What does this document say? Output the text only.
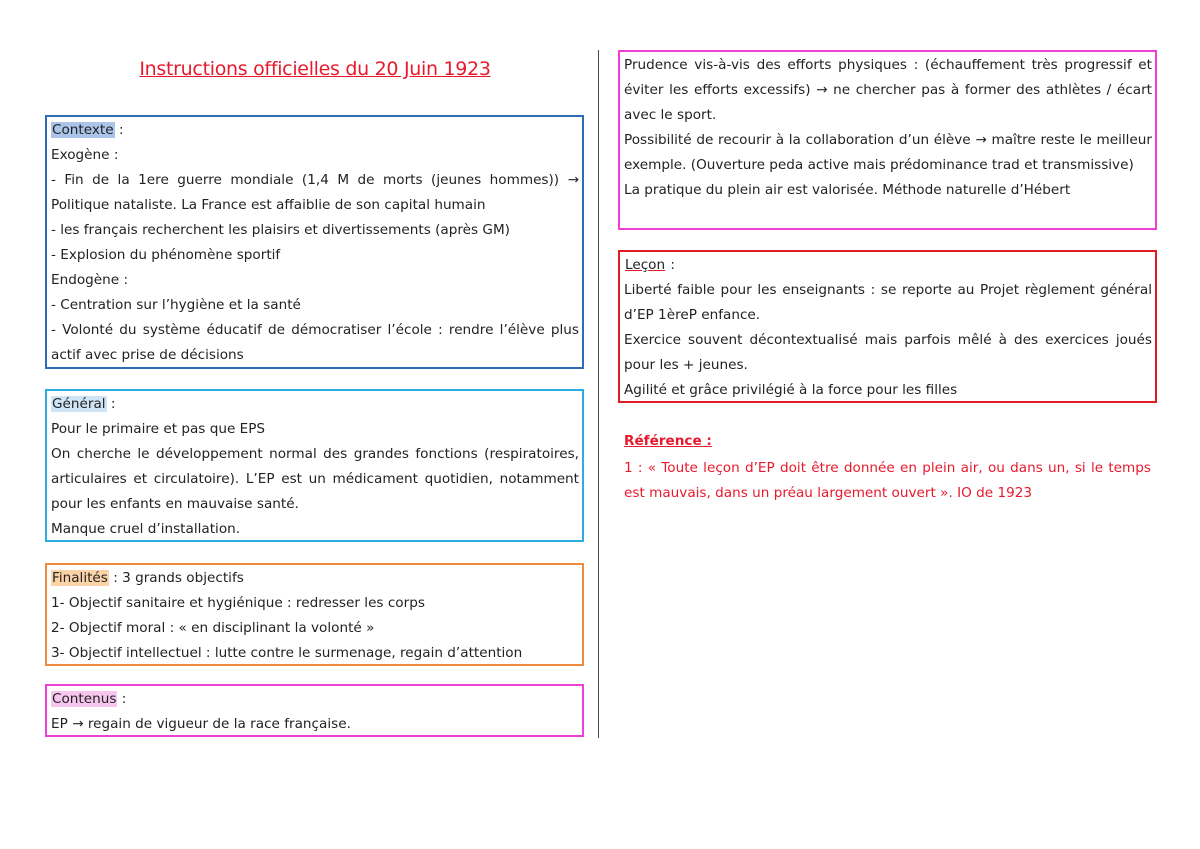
Instructions officielles du 20 Juin 1923

Contexte :

Exogène :

- Fin de la 1ere guerre mondiale (1,4 M de morts (jeunes hommes)) → Politique nataliste. La France est affaiblie de son capital humain

- les français recherchent les plaisirs et divertissements (après GM)

- Explosion du phénomène sportif

Endogène :

- Centration sur l’hygiène et la santé

- Volonté du système éducatif de démocratiser l’école : rendre l’élève plus actif avec prise de décisions

Général :

Pour le primaire et pas que EPS

On cherche le développement normal des grandes fonctions (respiratoires, articulaires et circulatoire). L’EP est un médicament quotidien, notamment pour les enfants en mauvaise santé.

Manque cruel d’installation.

Finalités : 3 grands objectifs

1- Objectif sanitaire et hygiénique : redresser les corps

2- Objectif moral : « en disciplinant la volonté »

3- Objectif intellectuel : lutte contre le surmenage, regain d’attention

Contenus :

EP → regain de vigueur de la race française.

Prudence vis-à-vis des efforts physiques : (échauffement très progressif et éviter les efforts excessifs) → ne chercher pas à former des athlètes / écart avec le sport.

Possibilité de recourir à la collaboration d’un élève → maître reste le meilleur exemple. (Ouverture peda active mais prédominance trad et transmissive)

La pratique du plein air est valorisée. Méthode naturelle d’Hébert

Leçon :

Liberté faible pour les enseignants : se reporte au Projet règlement général d’EP 1èreP enfance.

Exercice souvent décontextualisé mais parfois mêlé à des exercices joués pour les + jeunes.

Agilité et grâce privilégié à la force pour les filles

Référence :
1 : « Toute leçon d’EP doit être donnée en plein air, ou dans un, si le temps est mauvais, dans un préau largement ouvert ». IO de 1923
